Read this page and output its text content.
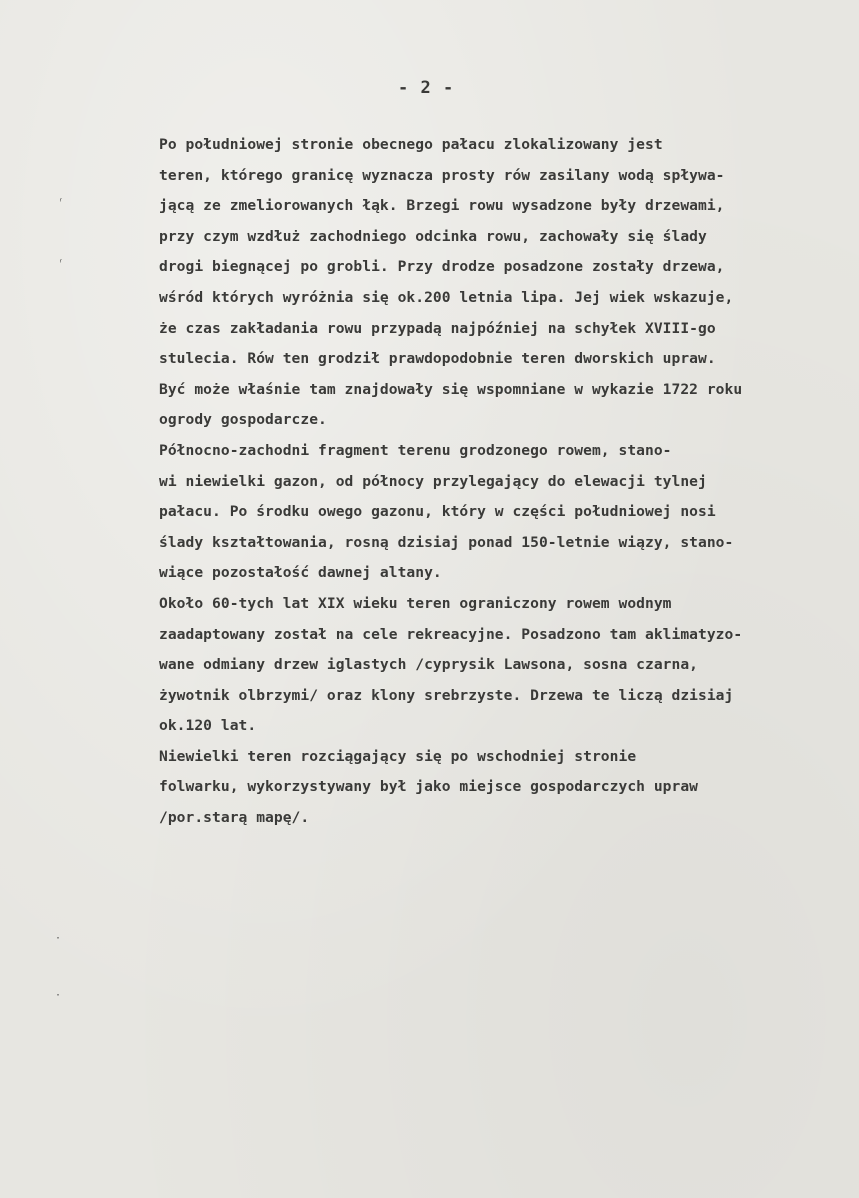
- 2 -
Po południowej stronie obecnego pałacu zlokalizowany jest
teren, którego granicę wyznacza prosty rów zasilany wodą spływa-
jącą ze zmeliorowanych łąk. Brzegi rowu wysadzone były drzewami,
przy czym wzdłuż zachodniego odcinka rowu, zachowały się ślady
drogi biegnącej po grobli. Przy drodze posadzone zostały drzewa,
wśród których wyróżnia się ok.200 letnia lipa. Jej wiek wskazuje,
że czas zakładania rowu przypadą najpóźniej na schyłek XVIII-go
stulecia. Rów ten grodził prawdopodobnie teren dworskich upraw.
Być może właśnie tam znajdowały się wspomniane w wykazie 1722 roku
ogrody gospodarcze.
Północno-zachodni fragment terenu grodzonego rowem, stano-
wi niewielki gazon, od północy przylegający do elewacji tylnej
pałacu. Po środku owego gazonu, który w części południowej nosi
ślady kształtowania, rosną dzisiaj ponad 150-letnie wiązy, stano-
wiące pozostałość dawnej altany.
Około 60-tych lat XIX wieku teren ograniczony rowem wodnym
zaadaptowany został na cele rekreacyjne. Posadzono tam aklimatyzo-
wane odmiany drzew iglastych /cyprysik Lawsona, sosna czarna,
żywotnik olbrzymi/ oraz klony srebrzyste. Drzewa te liczą dzisiaj
ok.120 lat.
Niewielki teren rozciągający się po wschodniej stronie
folwarku, wykorzystywany był jako miejsce gospodarczych upraw
/por.starą mapę/.
ʳ
ʳ
·
·
